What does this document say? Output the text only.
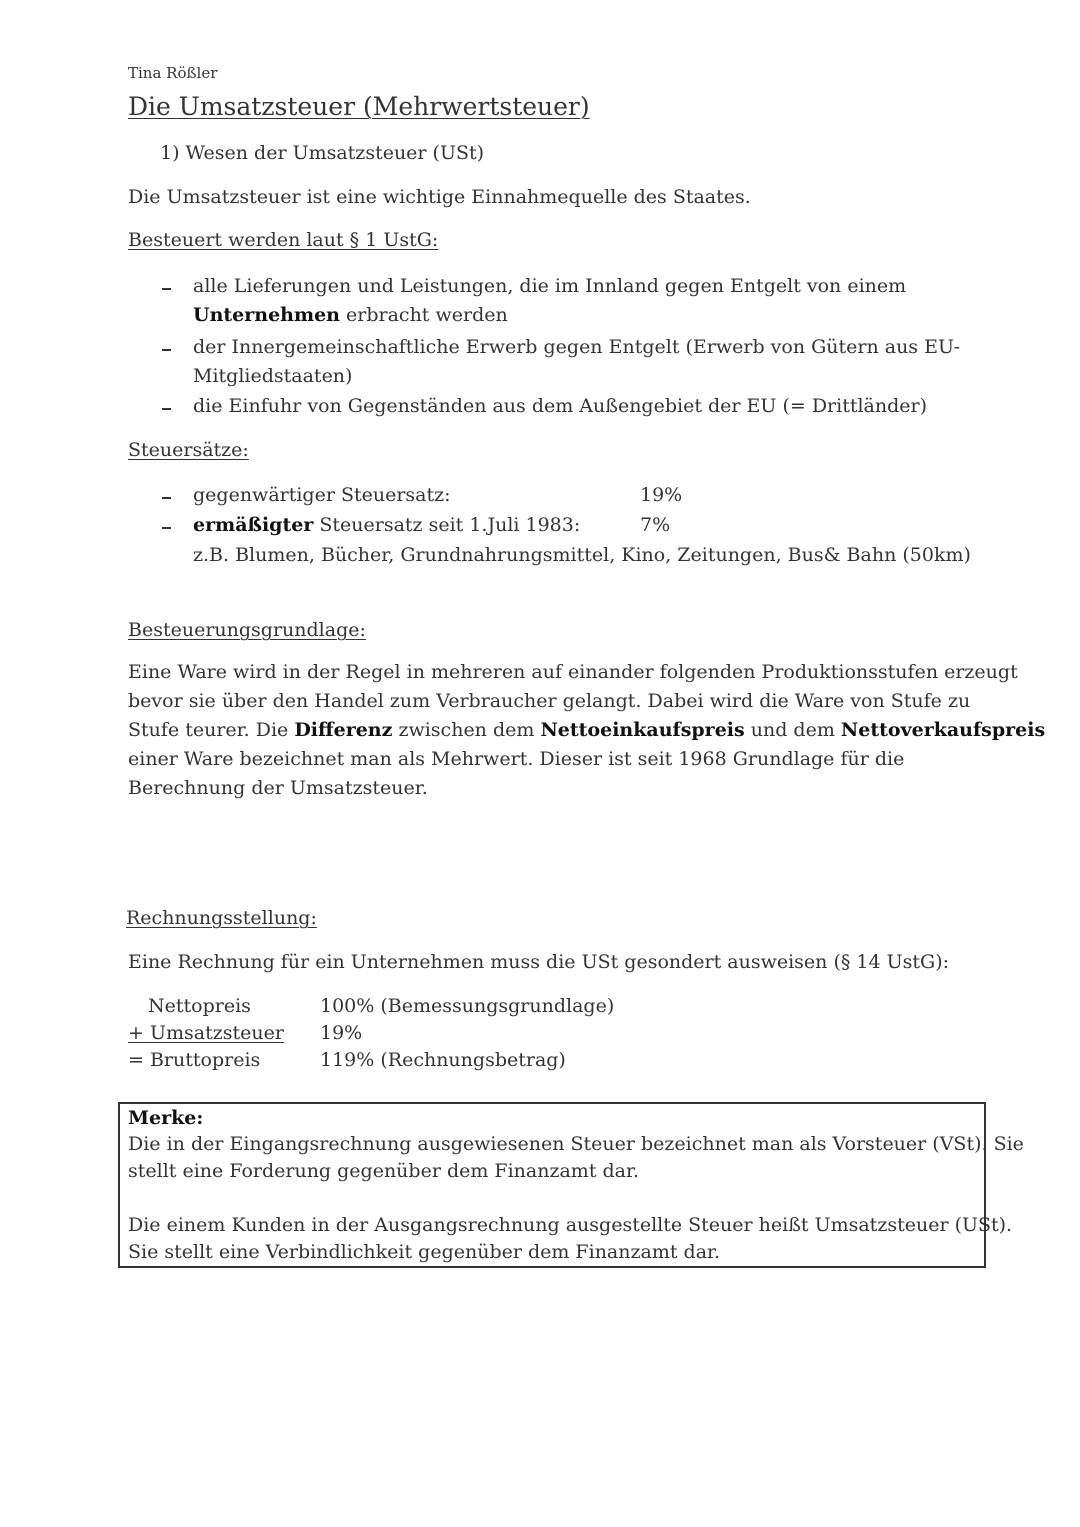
Tina Rößler
Die Umsatzsteuer (Mehrwertsteuer)
1) Wesen der Umsatzsteuer (USt)
Die Umsatzsteuer ist eine wichtige Einnahmequelle des Staates.
Besteuert werden laut § 1 UstG:
alle Lieferungen und Leistungen, die im Innland gegen Entgelt von einem
Unternehmen erbracht werden
der Innergemeinschaftliche Erwerb gegen Entgelt (Erwerb von Gütern aus EU-
Mitgliedstaaten)
die Einfuhr von Gegenständen aus dem Außengebiet der EU (= Drittländer)
Steuersätze:
gegenwärtiger Steuersatz:	19%
ermäßigter Steuersatz seit 1.Juli 1983:	7%
z.B. Blumen, Bücher, Grundnahrungsmittel, Kino, Zeitungen, Bus& Bahn (50km)
Besteuerungsgrundlage:
Eine Ware wird in der Regel in mehreren auf einander folgenden Produktionsstufen erzeugt
bevor sie über den Handel zum Verbraucher gelangt. Dabei wird die Ware von Stufe zu
Stufe teurer. Die Differenz zwischen dem Nettoeinkaufspreis und dem Nettoverkaufspreis
einer Ware bezeichnet man als Mehrwert. Dieser ist seit 1968 Grundlage für die
Berechnung der Umsatzsteuer.
Rechnungsstellung:
Eine Rechnung für ein Unternehmen muss die USt gesondert ausweisen (§ 14 UstG):
Nettopreis	100% (Bemessungsgrundlage)
+ Umsatzsteuer 19%
= Bruttopreis	119% (Rechnungsbetrag)
Merke:
Die in der Eingangsrechnung ausgewiesenen Steuer bezeichnet man als Vorsteuer (VSt). Sie
stellt eine Forderung gegenüber dem Finanzamt dar.
Die einem Kunden in der Ausgangsrechnung ausgestellte Steuer heißt Umsatzsteuer (USt).
Sie stellt eine Verbindlichkeit gegenüber dem Finanzamt dar.
